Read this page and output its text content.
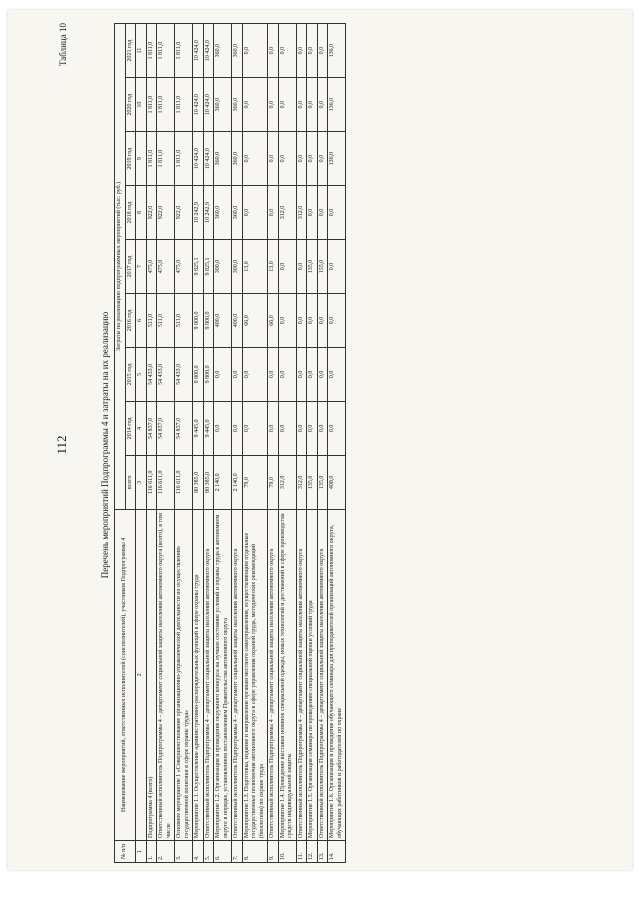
112
Таблица 10
Перечень мероприятий Подпрограммы 4 и затраты на их реализацию
№ п/п	Наименование мероприятий, ответственных исполнителей (соисполнителей), участников Подпрограммы 4	Затраты на реализацию подпрограммных мероприятий (тыс. руб.)								
		всего	2014 год	2015 год	2016 год	2017 год	2018 год	2019 год	2020 год	2021 год
1	2	3	4	5	6	7	8	9	10	11
1.	Подпрограмма 4 (всего)	116 611,0	54 837,0	54 433,0	511,0	475,0	922,0	1 811,0	1 811,0	1 811,0
2.	Ответственный исполнитель Подпрограммы 4 – департамент социальной защиты населения автономного округа (всего), в том числе	116 611,0	54 837,0	54 433,0	511,0	475,0	922,0	1 811,0	1 811,0	1 811,0
3.	Основное мероприятие 1 «Совершенствование организационно-управленческой деятельности по осуществлению государственной политики в сфере охраны труда»	116 611,0	54 837,0	54 433,0	511,0	475,0	922,0	1 811,0	1 811,0	1 811,0
4.	Мероприятие 1.1. Осуществление административно-распорядительных функций в сфере охраны труда	80 385,0	9 445,0	9 800,0	9 800,0	9 825,1	10 242,9	10 424,0	10 424,0	10 424,0
5.	Ответственный исполнитель Подпрограммы 4 – департамент социальной защиты населения автономного округа	80 385,0	9 445,0	9 800,0	9 800,0	9 825,1	10 242,9	10 424,0	10 424,0	10 424,0
6.	Мероприятие 1.2. Организация и проведение окружного конкурса на лучшее состояние условий и охраны труда в автономном округе в порядке, установленном постановлением Правительства автономного округа	2 140,0	0,0	0,0	400,0	300,0	360,0	360,0	360,0	360,0
7.	Ответственный исполнитель Подпрограммы 4 – департамент социальной защиты населения автономного округа	2 140,0	0,0	0,0	400,0	300,0	360,0	360,0	360,0	360,0
8.	Мероприятие 1.3. Подготовка, издание и направление органам местного самоуправления, осуществляющим отдельные государственные полномочия автономного округа в сфере управления охраной труда, методических рекомендаций (бюллетени) по охране труда	79,0	0,0	0,0	66,0	13,0	0,0	0,0	0,0	0,0
9.	Ответственный исполнитель Подпрограммы 4 – департамент социальной защиты населения автономного округа	79,0	0,0	0,0	66,0	13,0	0,0	0,0	0,0	0,0
10.	Мероприятие 1.4. Проведение выставки новинок специальной одежды, новых технологий и достижений в сфере производства средств индивидуальной защиты	312,0	0,0	0,0	0,0	0,0	312,0	0,0	0,0	0,0
11.	Ответственный исполнитель Подпрограммы 4 – департамент социальной защиты населения автономного округа	312,0	0,0	0,0	0,0	0,0	312,0	0,0	0,0	0,0
12.	Мероприятие 1.5. Организация семинара по проведению специальной оценки условий труда	135,0	0,0	0,0	0,0	135,0	0,0	0,0	0,0	0,0
13.	Ответственный исполнитель Подпрограммы 4 – департамент социальной защиты населения автономного округа	135,0	0,0	0,0	0,0	155,0	0,0	0,0	0,0	0,0
14.	Мероприятие 1.6. Организация и проведение обучающего семинара для преподавателей организаций автономного округа, обучающих работников и работодателей по охране	408,0	0,0	0,0	0,0	0,0	0,0	136,0	136,0	136,0
